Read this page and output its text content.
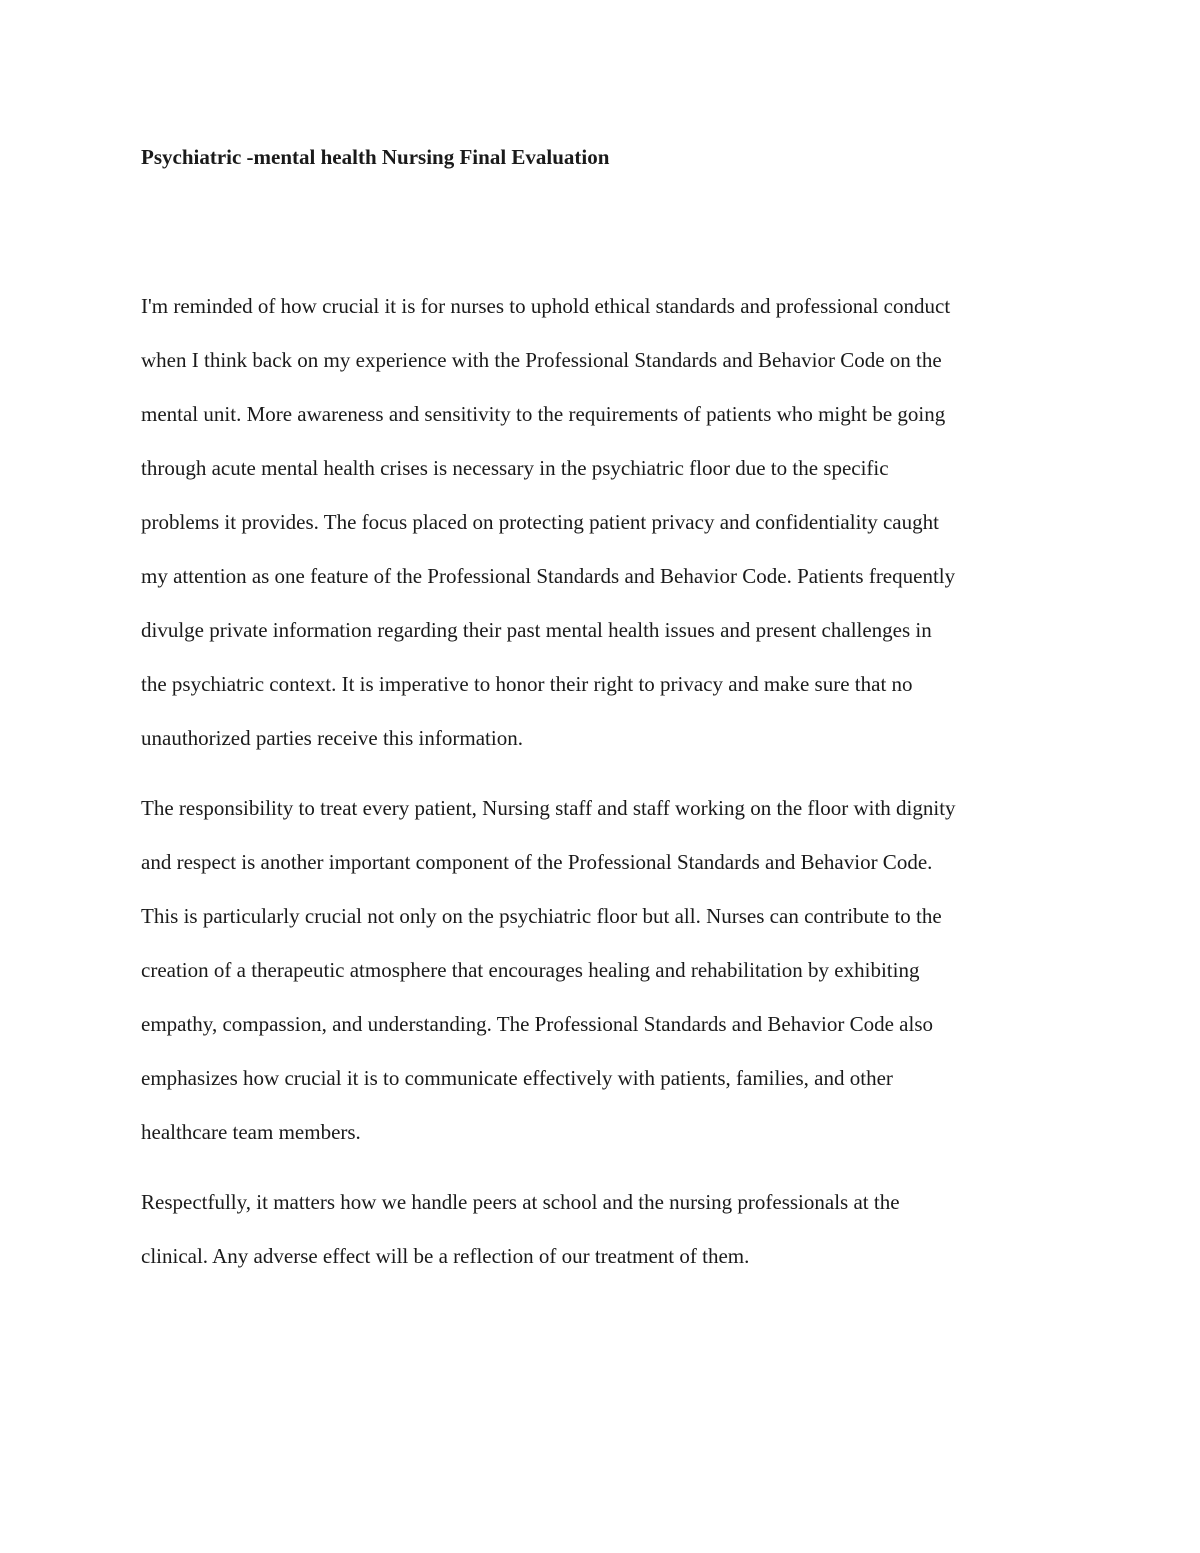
Psychiatric -mental health Nursing Final Evaluation

I'm reminded of how crucial it is for nurses to uphold ethical standards and professional conduct
when I think back on my experience with the Professional Standards and Behavior Code on the
mental unit. More awareness and sensitivity to the requirements of patients who might be going
through acute mental health crises is necessary in the psychiatric floor due to the specific
problems it provides. The focus placed on protecting patient privacy and confidentiality caught
my attention as one feature of the Professional Standards and Behavior Code. Patients frequently
divulge private information regarding their past mental health issues and present challenges in
the psychiatric context. It is imperative to honor their right to privacy and make sure that no
unauthorized parties receive this information.

The responsibility to treat every patient, Nursing staff and staff working on the floor with dignity
and respect is another important component of the Professional Standards and Behavior Code.
This is particularly crucial not only on the psychiatric floor but all. Nurses can contribute to the
creation of a therapeutic atmosphere that encourages healing and rehabilitation by exhibiting
empathy, compassion, and understanding. The Professional Standards and Behavior Code also
emphasizes how crucial it is to communicate effectively with patients, families, and other
healthcare team members.

Respectfully, it matters how we handle peers at school and the nursing professionals at the
clinical. Any adverse effect will be a reflection of our treatment of them.
